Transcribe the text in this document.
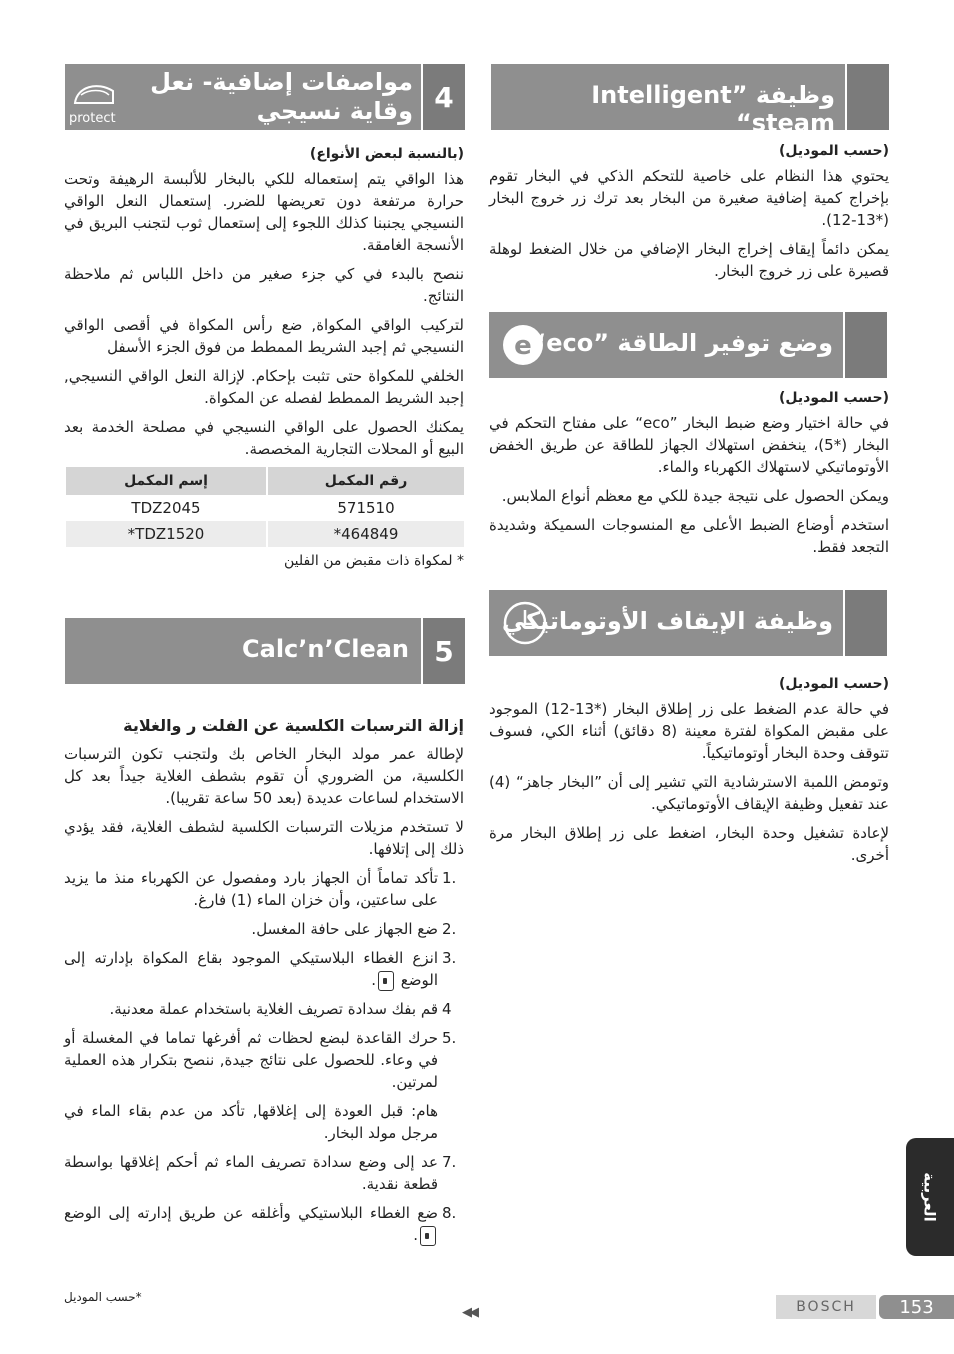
4
protect
مواصفات إضافية- نعل
وقاية نسيجي
(بالنسبة لبعض الأنواع)

هذا الواقي يتم إستعماله للكي بالبخار للألبسة الرهيفة وتحت حرارة مرتفعة دون تعريضها للضرر. إستعمال النعل الواقي النسيجي يجنبنا كذلك اللجوء إلى إستعمال ثوب لتجنب البريق في الأنسجة الغامقة.

ننصح بالبدء في كي جزء صغير من داخل اللباس ثم ملاحظة النتائج.

لتركيب الواقي المكواة, ضع رأس المكواة في أقصى الواقي النسيجي ثم إجبد الشريط الممطط من فوق الجزء الأسفل

الخلفي للمكواة حتى تثبت بإحكام. لإزالة النعل الواقي النسيجي, إجبد الشريط الممطط لفصله عن المكواة.

يمكنك الحصول على الواقي النسيجي في مصلحة الخدمة بعد البيع أو المحلات التجارية المخصصة.

رقم المكمل	إسم المكمل
571510	TDZ2045
464849*	TDZ1520*
* لمكواة ذات مقبض من الفلين
5
Calc’n’Clean
إزالة الترسبات الكلسية عن الفلت ر والغلاية

لإطالة عمر مولد البخار الخاص بك ولتجنب تكون الترسبات الكلسية، من الضروري أن تقوم بشطف الغلاية جيداً بعد كل الاستخدام لساعات عديدة (بعد 50 ساعة تقريبا).

لا تستخدم مزيلات الترسبات الكلسية لشطف الغلاية، فقد يؤدي ذلك إلى إتلافها.

1.
تأكد تماماً أن الجهاز بارد ومفصول عن الكهرباء منذ ما يزيد على ساعتين، وأن خزان الماء (1) فارغ.
2.
ضع الجهاز على حافة المغسل.
3.
انزع الغطاء البلاستيكي الموجود بقاع المكواة بإدارته إلى الوضع .
4
قم بفك سدادة تصريف الغلاية باستخدام عملة معدنية.
5.
حرك القاعدة لبضع لحظات ثم أفرغها تماما في المغسلة أو في وعاء. للحصول على نتائج جيدة, ننصح بتكرار هذه العملية لمرتين.
هام: قبل العودة إلى إغلاقها, تأكد من عدم بقاء الماء في مرجل مولد البخار.
7.
عد إلى وضع سدادة تصريف الماء ثم أحكم إغلاقها بواسطة قطعة نقدية.
8.
ضع الغطاء البلاستيكي وأغلقه عن طريق إدارته إلى الوضع .
وظيفة ”Intelligent steam“
(حسب الموديل)

يحتوي هذا النظام على خاصية للتحكم الذكي في البخار تقوم بإخراج كمية إضافية صغيرة من البخار بعد ترك زر خروج البخار (*13-12).

يمكن دائماً إيقاف إخراج البخار الإضافي من خلال الضغط لوهلة قصيرة على زر خروج البخار.

e
وضع توفير الطاقة ”eco“
(حسب الموديل)

في حالة اختيار وضع ضبط البخار ”eco“ على مفتاح التحكم في البخار (*5)، ينخفض استهلاك الجهاز للطاقة عن طريق الخفض الأوتوماتيكي لاستهلاك الكهرباء والماء.

ويمكن الحصول على نتيجة جيدة للكي مع معظم أنواع الملابس.

استخدم أوضاع الضبط الأعلى مع المنسوجات السميكة وشديدة التجعد فقط.

وظيفة الإيقاف الأوتوماتيكي
(حسب الموديل)

في حالة عدم الضغط على زر إطلاق البخار (*13-12) الموجود على مقبض المكواة لفترة معينة (8 دقائق) أثناء الكي، فسوف تتوقف وحدة البخار أوتوماتيكياً.

وتومض اللمبة الاسترشادية التي تشير إلى أن ”البخار جاهز“ (4) عند تفعيل وظيفة الإيقاف الأوتوماتيكي.

لإعادة تشغيل وحدة البخار، اضغط على زر إطلاق البخار مرة أخرى.

العربية
*حسب الموديل
◀◀	BOSCH	153
